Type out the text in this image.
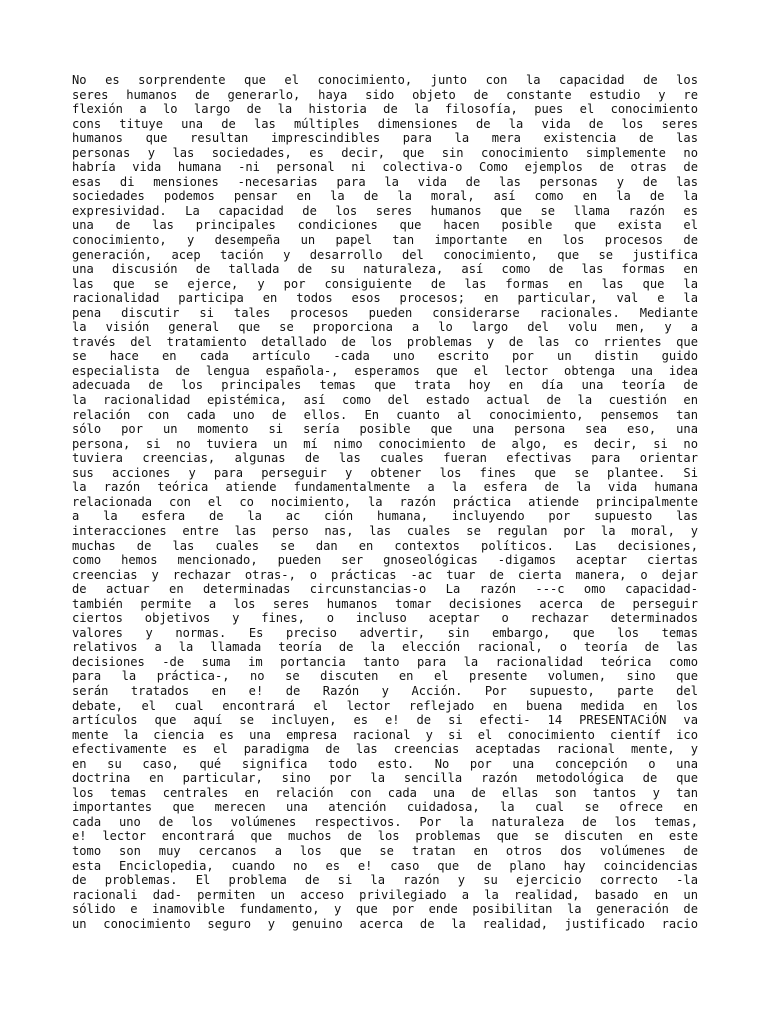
No es sorprendente que el conocimiento, junto con la capacidad de los
seres humanos de generarlo, haya sido objeto de constante estudio y re
flexión a lo largo de la historia de la filosofía, pues el conocimiento
cons tituye una de las múltiples dimensiones de la vida de los seres
humanos que resultan imprescindibles para la mera existencia de las
personas y las sociedades, es decir, que sin conocimiento simplemente no
habría vida humana -ni personal ni colectiva-o Como ejemplos de otras de
esas di mensiones -necesarias para la vida de las personas y de las
sociedades podemos pensar en la de la moral, así como en la de la
expresividad. La capacidad de los seres humanos que se llama razón es
una de las principales condiciones que hacen posible que exista el
conocimiento, y desempeña un papel tan importante en los procesos de
generación, acep tación y desarrollo del conocimiento, que se justifica
una discusión de tallada de su naturaleza, así como de las formas en
las que se ejerce, y por consiguiente de las formas en las que la
racionalidad participa en todos esos procesos; en particular, val e la
pena discutir si tales procesos pueden considerarse racionales. Mediante
la visión general que se proporciona a lo largo del volu men, y a
través del tratamiento detallado de los problemas y de las co rrientes que
se hace en cada artículo -cada uno escrito por un distin guido
especialista de lengua española-, esperamos que el lector obtenga una idea
adecuada de los principales temas que trata hoy en día una teoría de
la racionalidad epistémica, así como del estado actual de la cuestión en
relación con cada uno de ellos. En cuanto al conocimiento, pensemos tan
sólo por un momento si sería posible que una persona sea eso, una
persona, si no tuviera un mí nimo conocimiento de algo, es decir, si no
tuviera creencias, algunas de las cuales fueran efectivas para orientar
sus acciones y para perseguir y obtener los fines que se plantee. Si
la razón teórica atiende fundamentalmente a la esfera de la vida humana
relacionada con el co nocimiento, la razón práctica atiende principalmente
a la esfera de la ac ción humana, incluyendo por supuesto las
interacciones entre las perso nas, las cuales se regulan por la moral, y
muchas de las cuales se dan en contextos políticos. Las decisiones,
como hemos mencionado, pueden ser gnoseológicas -digamos aceptar ciertas
creencias y rechazar otras-, o prácticas -ac tuar de cierta manera, o dejar
de actuar en determinadas circunstancias-o La razón ---c omo capacidad-
también permite a los seres humanos tomar decisiones acerca de perseguir
ciertos objetivos y fines, o incluso aceptar o rechazar determinados
valores y normas. Es preciso advertir, sin embargo, que los temas
relativos a la llamada teoría de la elección racional, o teoría de las
decisiones -de suma im portancia tanto para la racionalidad teórica como
para la práctica-, no se discuten en el presente volumen, sino que
serán tratados en e! de Razón y Acción. Por supuesto, parte del
debate, el cual encontrará el lector reflejado en buena medida en los
artículos que aquí se incluyen, es e! de si efecti- 14 PRESENTACiÓN va
mente la ciencia es una empresa racional y si el conocimiento científ ico
efectivamente es el paradigma de las creencias aceptadas racional mente, y
en su caso, qué significa todo esto. No por una concepción o una
doctrina en particular, sino por la sencilla razón metodológica de que
los temas centrales en relación con cada una de ellas son tantos y tan
importantes que merecen una atención cuidadosa, la cual se ofrece en
cada uno de los volúmenes respectivos. Por la naturaleza de los temas,
e! lector encontrará que muchos de los problemas que se discuten en este
tomo son muy cercanos a los que se tratan en otros dos volúmenes de
esta Enciclopedia, cuando no es e! caso que de plano hay coincidencias
de problemas. El problema de si la razón y su ejercicio correcto -la
racionali dad- permiten un acceso privilegiado a la realidad, basado en un
sólido e inamovible fundamento, y que por ende posibilitan la generación de
un conocimiento seguro y genuino acerca de la realidad, justificado racio
